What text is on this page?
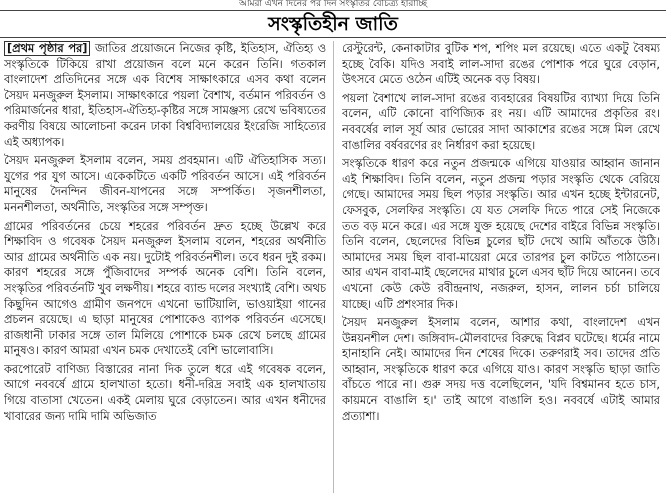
আমরা এখন দিনের পর দিন সংস্কৃতির বৈচিত্র্য হারাচ্ছি
সংস্কৃতিহীন জাতি

[প্রথম পৃষ্ঠার পর] জাতির প্রয়োজনে নিজের কৃষ্টি, ইতিহাস, ঐতিহ্য ও সংস্কৃতিকে টিকিয়ে রাখা প্রয়োজন বলে মনে করেন তিনি। গতকাল বাংলাদেশ প্রতিদিনের সঙ্গে এক বিশেষ সাক্ষাৎকারে এসব কথা বলেন সৈয়দ মনজুরুল ইসলাম। সাক্ষাৎকারে পয়লা বৈশাখ, বর্তমান পরিবর্তন ও পরিমার্জনের ধারা, ইতিহাস-ঐতিহ্য-কৃষ্টির সঙ্গে সামঞ্জস্য রেখে ভবিষ্যতের করণীয় বিষয়ে আলোচনা করেন ঢাকা বিশ্ববিদ্যালয়ের ইংরেজি সাহিত্যের এই অধ্যাপক।

সৈয়দ মনজুরুল ইসলাম বলেন, সময় প্রবহমান। এটি ঐতিহাসিক সত্য। যুগের পর যুগ আসে। একেকটিতে একটি পরিবর্তন আসে। এই পরিবর্তন মানুষের দৈনন্দিন জীবন-যাপনের সঙ্গে সম্পর্কিত। সৃজনশীলতা, মননশীলতা, অর্থনীতি, সংস্কৃতির সঙ্গে সম্পৃক্ত।

গ্রামের পরিবর্তনের চেয়ে শহরের পরিবর্তন দ্রুত হচ্ছে উল্লেখ করে শিক্ষাবিদ ও গবেষক সৈয়দ মনজুরুল ইসলাম বলেন, শহরের অর্থনীতি আর গ্রামের অর্থনীতি এক নয়। দুটোই পরিবর্তনশীল। তবে ধরন দুই রকম। কারণ শহরের সঙ্গে পুঁজিবাদের সম্পর্ক অনেক বেশি। তিনি বলেন, সংস্কৃতির পরিবর্তনটি খুব লক্ষণীয়। শহরে ব্যান্ড দলের সংখ্যাই বেশি। অথচ কিছুদিন আগেও গ্রামীণ জনপদে এখনো ভাটিয়ালি, ভাওয়াইয়া গানের প্রচলন রয়েছে। এ ছাড়া মানুষের পোশাকেও ব্যাপক পরিবর্তন এসেছে। রাজধানী ঢাকার সঙ্গে তাল মিলিয়ে পোশাকে চমক রেখে চলছে গ্রামের মানুষও। কারণ আমরা এখন চমক দেখাতেই বেশি ভালোবাসি।

করপোরেট বাণিজ্য বিস্তারের নানা দিক তুলে ধরে এই গবেষক বলেন, আগে নববর্ষে গ্রামে হালখাতা হতো। ধনী-দরিদ্র সবাই এক হালখাতায় গিয়ে বাতাসা খেতেন। একই মেলায় ঘুরে বেড়াতেন। আর এখন ধনীদের খাবারের জন্য দামি দামি অভিজাত

রেস্টুরেন্ট, কেনাকাটার বুটিক শপ, শপিং মল রয়েছে। এতে একটু বৈষম্য হচ্ছে বৈকি। যদিও সবাই লাল-সাদা রঙের পোশাক পরে ঘুরে বেড়ান, উৎসবে মেতে ওঠেন এটিই অনেক বড় বিষয়।

পয়লা বৈশাখে লাল-সাদা রঙের ব্যবহারের বিষয়টির ব্যাখ্যা দিয়ে তিনি বলেন, এটি কোনো বাণিজ্যিক রং নয়। এটি আমাদের প্রকৃতির রং। নববর্ষের লাল সূর্য আর ভোরের সাদা আকাশের রঙের সঙ্গে মিল রেখে বাঙালির বর্ষবরণের রং নির্ধারণ করা হয়েছে।

সংস্কৃতিকে ধারণ করে নতুন প্রজন্মকে এগিয়ে যাওয়ার আহ্বান জানান এই শিক্ষাবিদ। তিনি বলেন, নতুন প্রজন্ম পড়ার সংস্কৃতি থেকে বেরিয়ে গেছে। আমাদের সময় ছিল পড়ার সংস্কৃতি। আর এখন হচ্ছে ইন্টারনেট, ফেসবুক, সেলফির সংস্কৃতি। যে যত সেলফি দিতে পারে সেই নিজেকে তত বড় মনে করে। এর সঙ্গে যুক্ত হয়েছে দেশের বাইরে বিভিন্ন সংস্কৃতি। তিনি বলেন, ছেলেদের বিভিন্ন চুলের ছাঁট দেখে আমি আঁতকে উঠি। আমাদের সময় ছিল বাবা-মায়েরা মেরে তারপর চুল কাটতে পাঠাতেন। আর এখন বাবা-মাই ছেলেদের মাথার চুলে এসব ছাঁট দিয়ে আনেন। তবে এখনো কেউ কেউ রবীন্দ্রনাথ, নজরুল, হাসন, লালন চর্চা চালিয়ে যাচ্ছে। এটি প্রশংসার দিক।

সৈয়দ মনজুরুল ইসলাম বলেন, আশার কথা, বাংলাদেশ এখন উন্নয়নশীল দেশ। জঙ্গিবাদ-মৌলবাদের বিরুদ্ধে বিপ্লব ঘটেছে। ধর্মের নামে হানাহানি নেই। আমাদের দিন শেষের দিকে। তরুণরাই সব। তাদের প্রতি আহ্বান, সংস্কৃতিকে ধারণ করে এগিয়ে যাও। কারণ সংস্কৃতি ছাড়া জাতি বাঁচতে পারে না। গুরু সদয় দত্ত বলেছিলেন, 'যদি বিশ্বমানব হতে চাস, কায়মনে বাঙালি হ।' তাই আগে বাঙালি হও। নববর্ষে এটাই আমার প্রত্যাশা।
